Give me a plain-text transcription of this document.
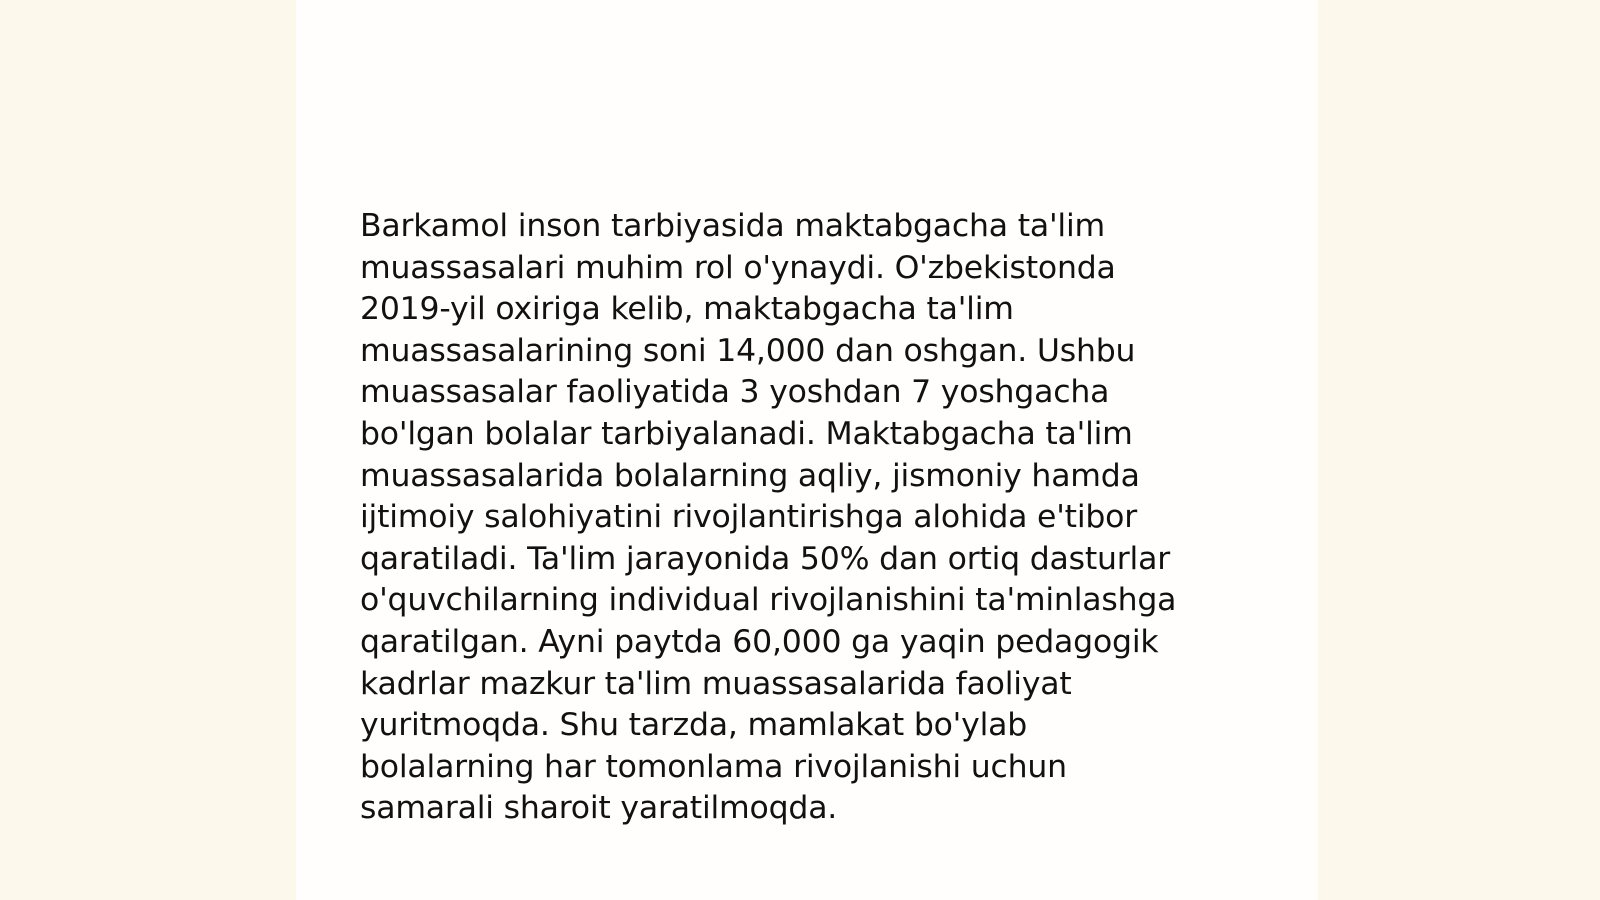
Barkamol inson tarbiyasida maktabgacha ta'lim
muassasalari muhim rol o'ynaydi. O'zbekistonda
2019-yil oxiriga kelib, maktabgacha ta'lim
muassasalarining soni 14,000 dan oshgan. Ushbu
muassasalar faoliyatida 3 yoshdan 7 yoshgacha
bo'lgan bolalar tarbiyalanadi. Maktabgacha ta'lim
muassasalarida bolalarning aqliy, jismoniy hamda
ijtimoiy salohiyatini rivojlantirishga alohida e'tibor
qaratiladi. Ta'lim jarayonida 50% dan ortiq dasturlar
o'quvchilarning individual rivojlanishini ta'minlashga
qaratilgan. Ayni paytda 60,000 ga yaqin pedagogik
kadrlar mazkur ta'lim muassasalarida faoliyat
yuritmoqda. Shu tarzda, mamlakat bo'ylab
bolalarning har tomonlama rivojlanishi uchun
samarali sharoit yaratilmoqda.
